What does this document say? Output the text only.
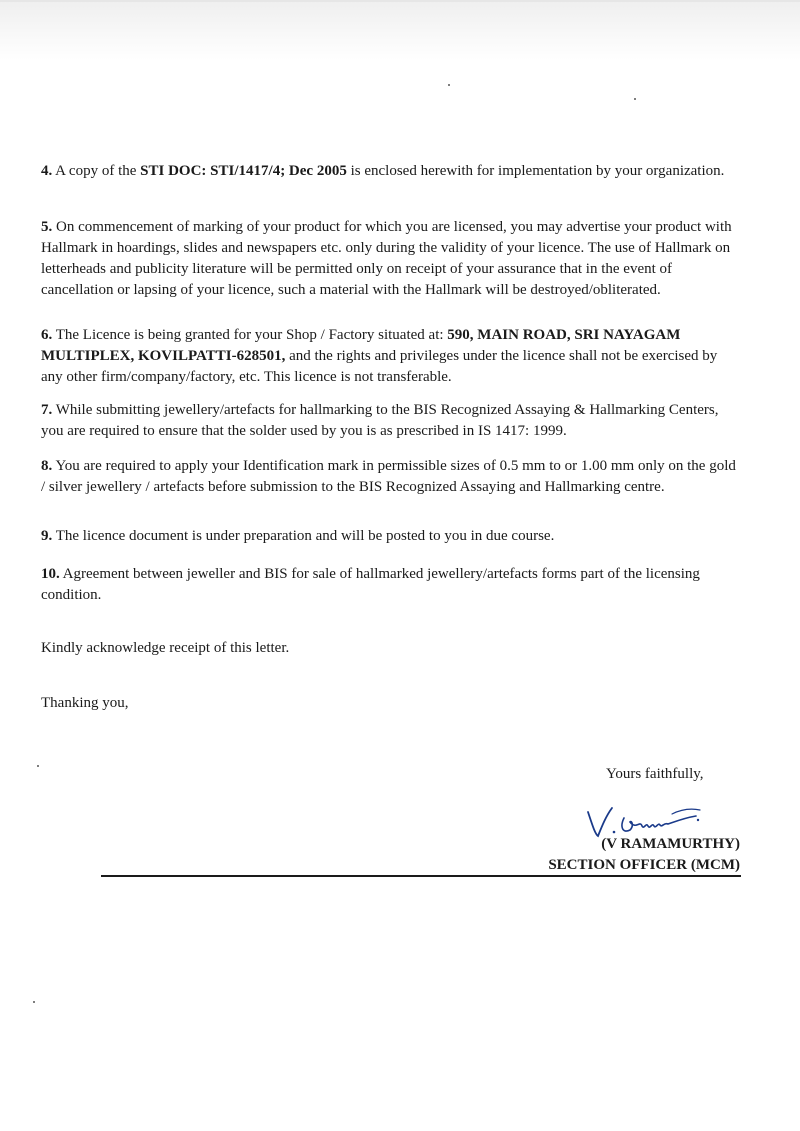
4. A copy of the STI DOC: STI/1417/4; Dec 2005 is enclosed herewith for implementation by your organization.

5. On commencement of marking of your product for which you are licensed, you may advertise your product with Hallmark in hoardings, slides and newspapers etc. only during the validity of your licence. The use of Hallmark on letterheads and publicity literature will be permitted only on receipt of your assurance that in the event of cancellation or lapsing of your licence, such a material with the Hallmark will be destroyed/obliterated.

6. The Licence is being granted for your Shop / Factory situated at: 590, MAIN ROAD, SRI NAYAGAM MULTIPLEX, KOVILPATTI-628501, and the rights and privileges under the licence shall not be exercised by any other firm/company/factory, etc. This licence is not transferable.

7. While submitting jewellery/artefacts for hallmarking to the BIS Recognized Assaying & Hallmarking Centers, you are required to ensure that the solder used by you is as prescribed in IS 1417: 1999.

8. You are required to apply your Identification mark in permissible sizes of 0.5 mm to or 1.00 mm only on the gold / silver jewellery / artefacts before submission to the BIS Recognized Assaying and Hallmarking centre.

9. The licence document is under preparation and will be posted to you in due course.

10. Agreement between jeweller and BIS for sale of hallmarked jewellery/artefacts forms part of the licensing condition.

Kindly acknowledge receipt of this letter.

Thanking you,

Yours faithfully,

(V RAMAMURTHY)

SECTION OFFICER (MCM)
